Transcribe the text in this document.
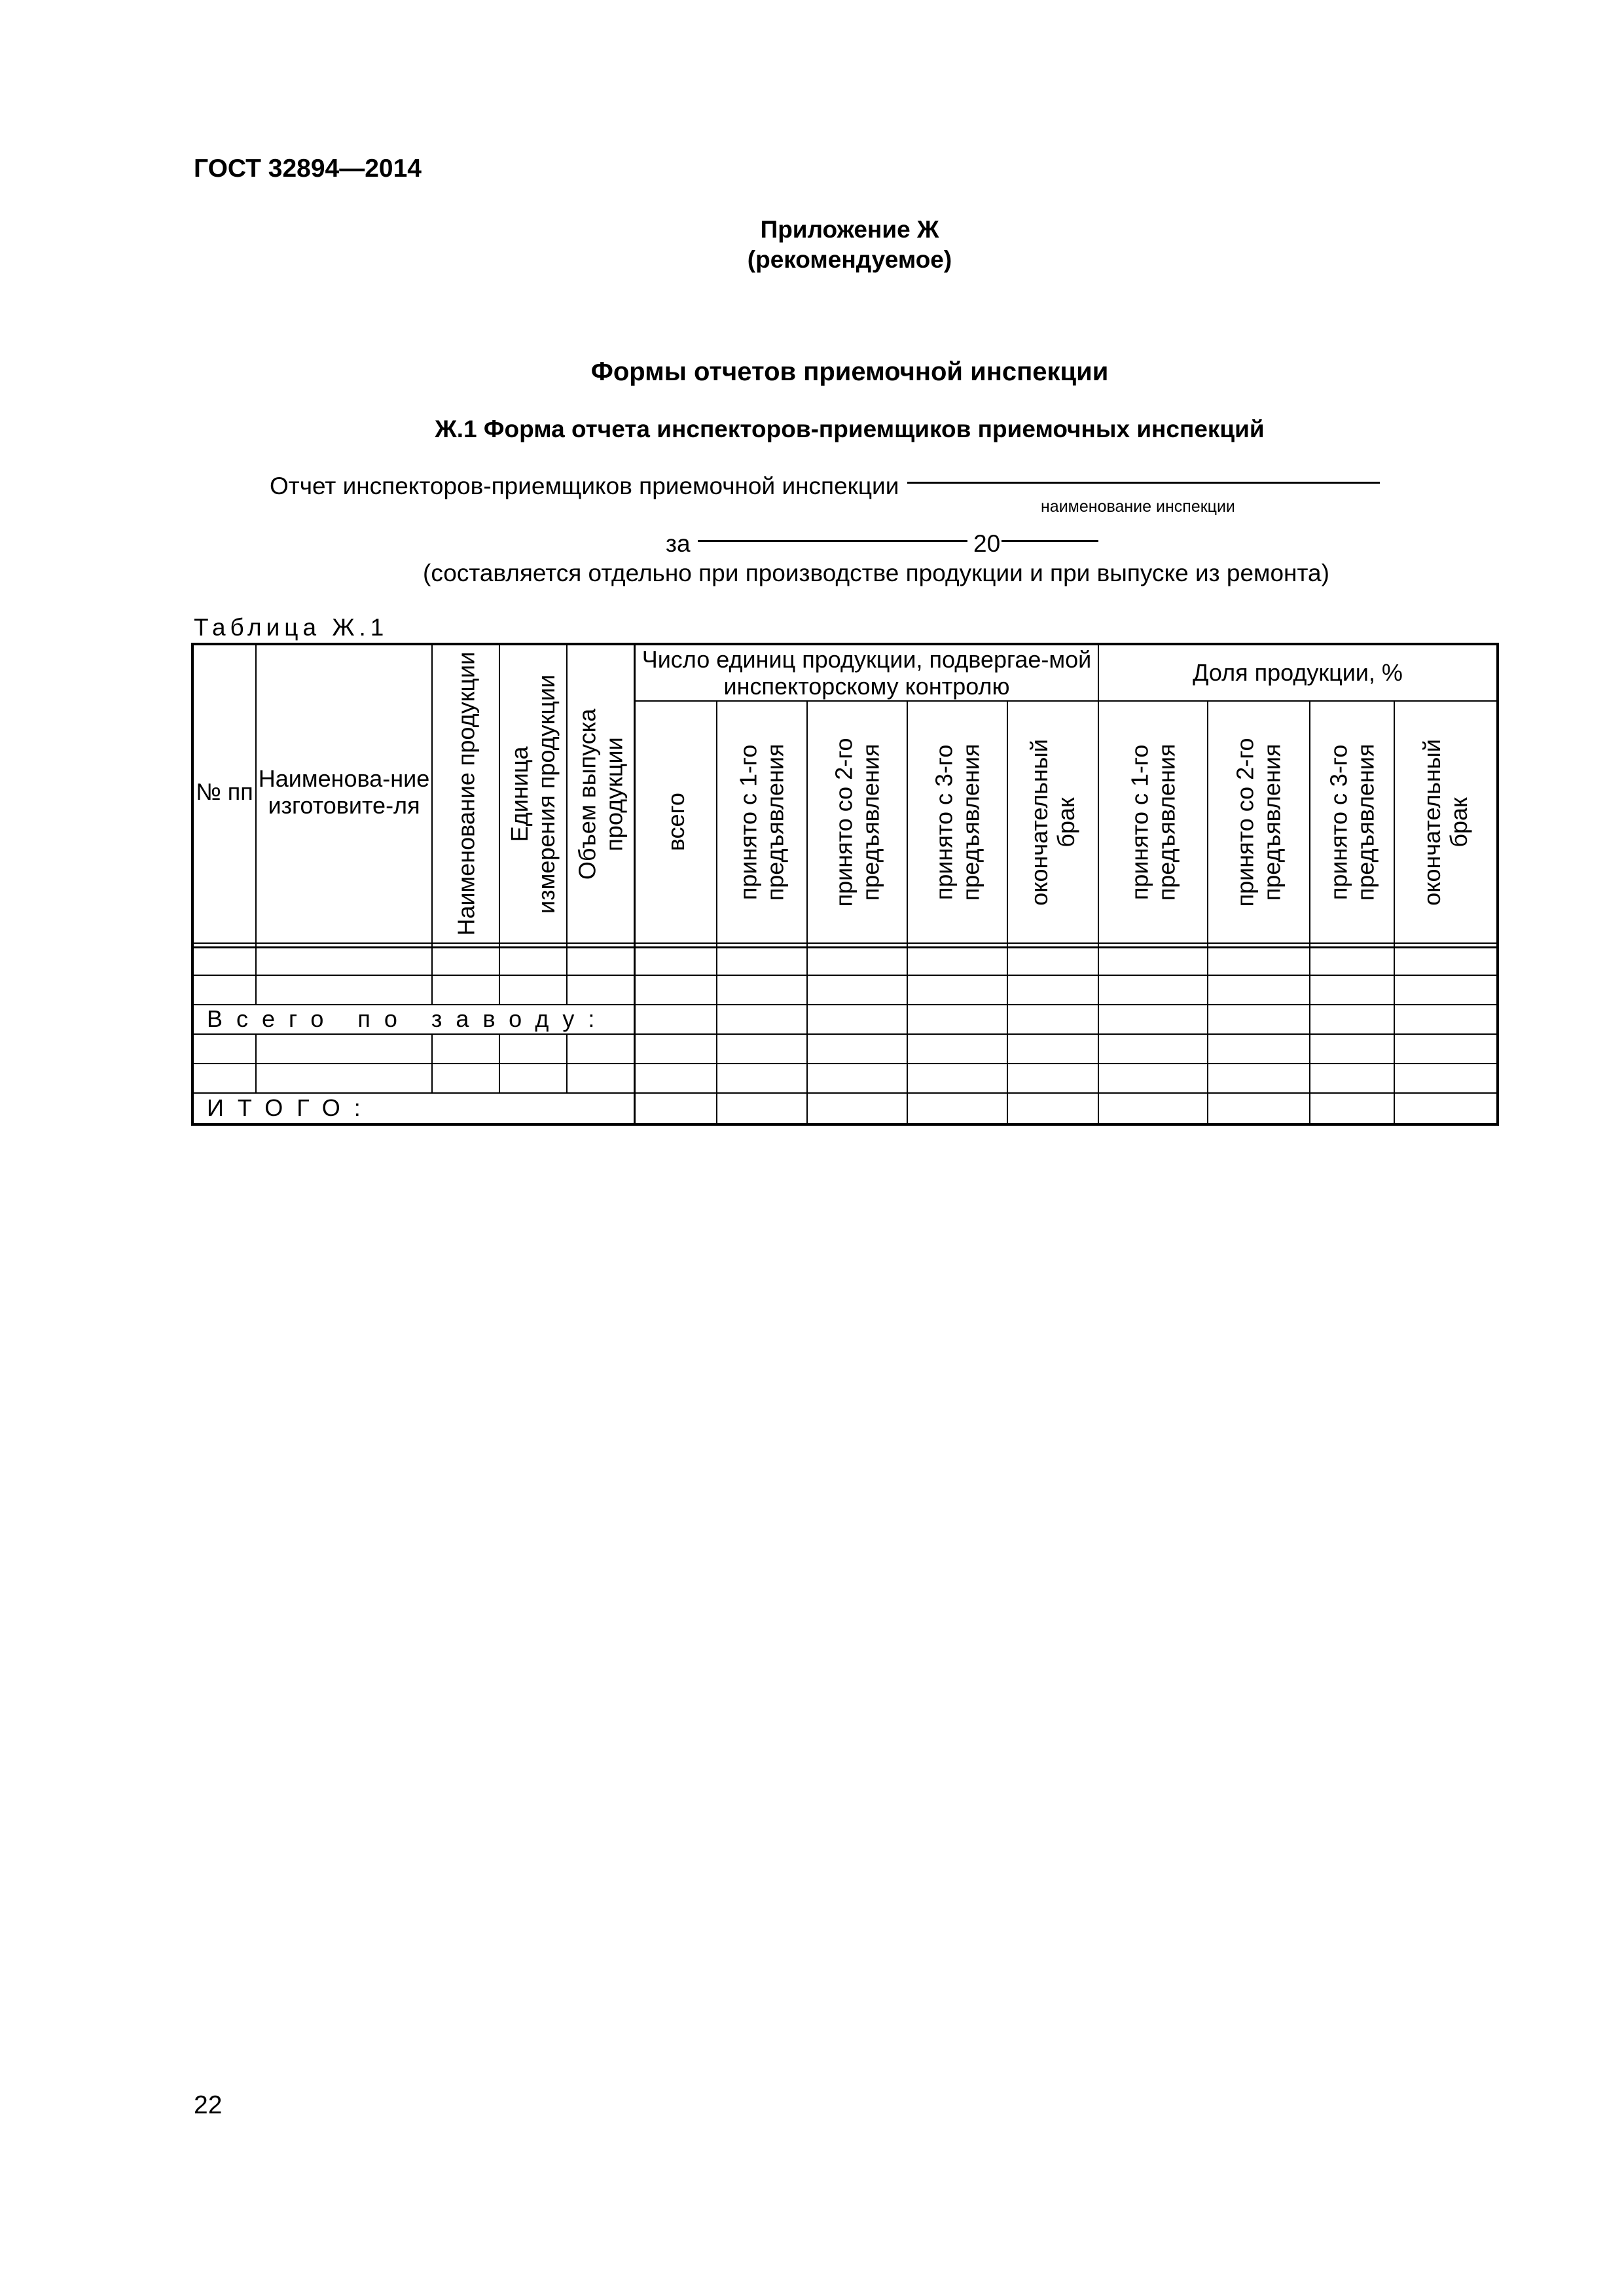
ГОСТ 32894—2014
Приложение Ж
(рекомендуемое)
Формы отчетов приемочной инспекции
Ж.1 Форма отчета инспекторов-приемщиков приемочных инспекций
Отчет инспекторов-приемщиков приемочной инспекции
наименование инспекции
за	20
(составляется отдельно при производстве продукции и при выпуске из ремонта)
Таблица Ж.1
№ пп
Наименова-ние изготовите-ля
Число единиц продукции, подвергае-мой инспекторскому контролю
Доля продукции, %
Наименование продукции Единица измерения продукции Объем выпуска продукции всего принято с 1-го предъявления принято со 2-го предъявления принято с 3-го предъявления окончательный брак принято с 1-го предъявления принято со 2-го предъявления принято с 3-го предъявления окончательный брак
Всего по заводу:
ИТОГО:
22
